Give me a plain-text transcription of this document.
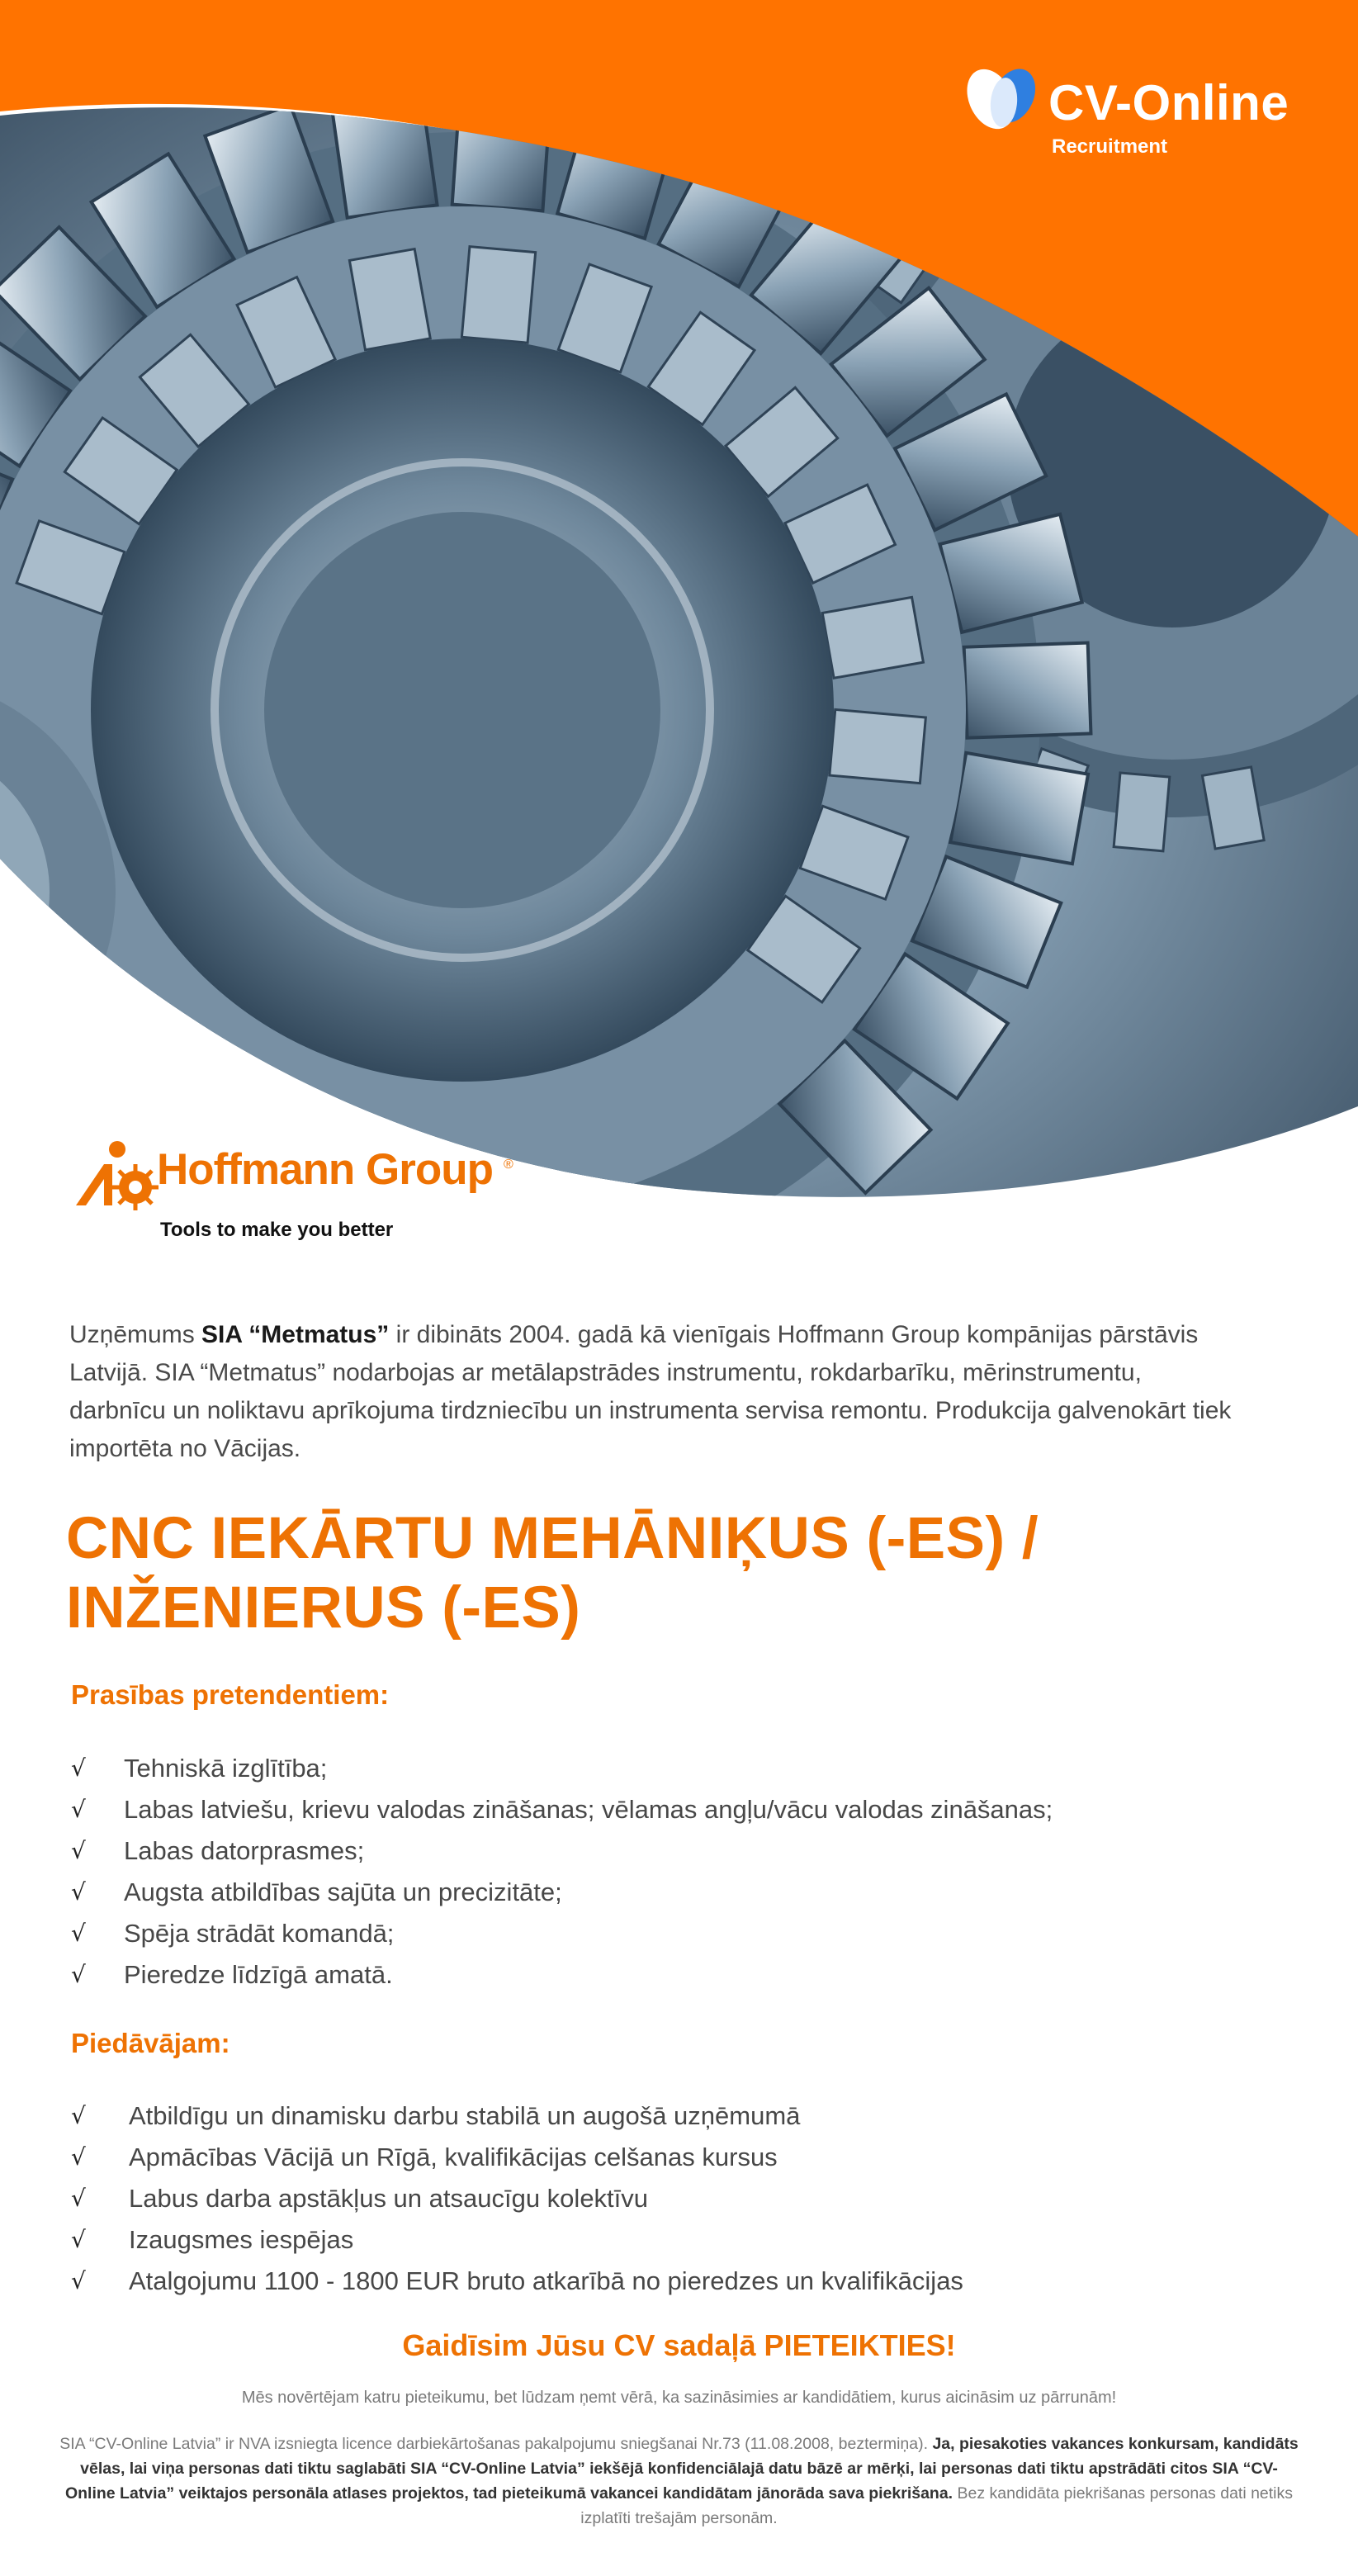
CV-Online
Recruitment
Hoffmann Group ®
Tools to make you better

Uzņēmums SIA “Metmatus” ir dibināts 2004. gadā kā vienīgais Hoffmann Group kompānijas pārstāvis Latvijā. SIA “Metmatus” nodarbojas ar metālapstrādes instrumentu, rokdarbarīku, mērinstrumentu, darbnīcu un noliktavu aprīkojuma tirdzniecību un instrumenta servisa remontu. Produkcija galvenokārt tiek importēta no Vācijas.

CNC IEKĀRTU MEHĀNIĶUS (-ES) /
INŽENIERUS (-ES)
Prasības pretendentiem:
√ Tehniskā izglītība;
√ Labas latviešu, krievu valodas zināšanas; vēlamas angļu/vācu valodas zināšanas;
√ Labas datorprasmes;
√ Augsta atbildības sajūta un precizitāte;
√ Spēja strādāt komandā;
√ Pieredze līdzīgā amatā.
Piedāvājam:
√ Atbildīgu un dinamisku darbu stabilā un augošā uzņēmumā
√ Apmācības Vācijā un Rīgā, kvalifikācijas celšanas kursus
√ Labus darba apstākļus un atsaucīgu kolektīvu
√ Izaugsmes iespējas
√ Atalgojumu 1100 - 1800 EUR bruto atkarībā no pieredzes un kvalifikācijas
Gaidīsim Jūsu CV sadaļā PIETEIKTIES!
Mēs novērtējam katru pieteikumu, bet lūdzam ņemt vērā, ka sazināsimies ar kandidātiem, kurus aicināsim uz pārrunām!

SIA “CV-Online Latvia” ir NVA izsniegta licence darbiekārtošanas pakalpojumu sniegšanai Nr.73 (11.08.2008, beztermiņa). Ja, piesakoties vakances konkursam, kandidāts vēlas, lai viņa personas dati tiktu saglabāti SIA “CV-Online Latvia” iekšējā konfidenciālajā datu bāzē ar mērķi, lai personas dati tiktu apstrādāti citos SIA “CV-Online Latvia” veiktajos personāla atlases projektos, tad pieteikumā vakancei kandidātam jānorāda sava piekrišana. Bez kandidāta piekrišanas personas dati netiks izplatīti trešajām personām.
